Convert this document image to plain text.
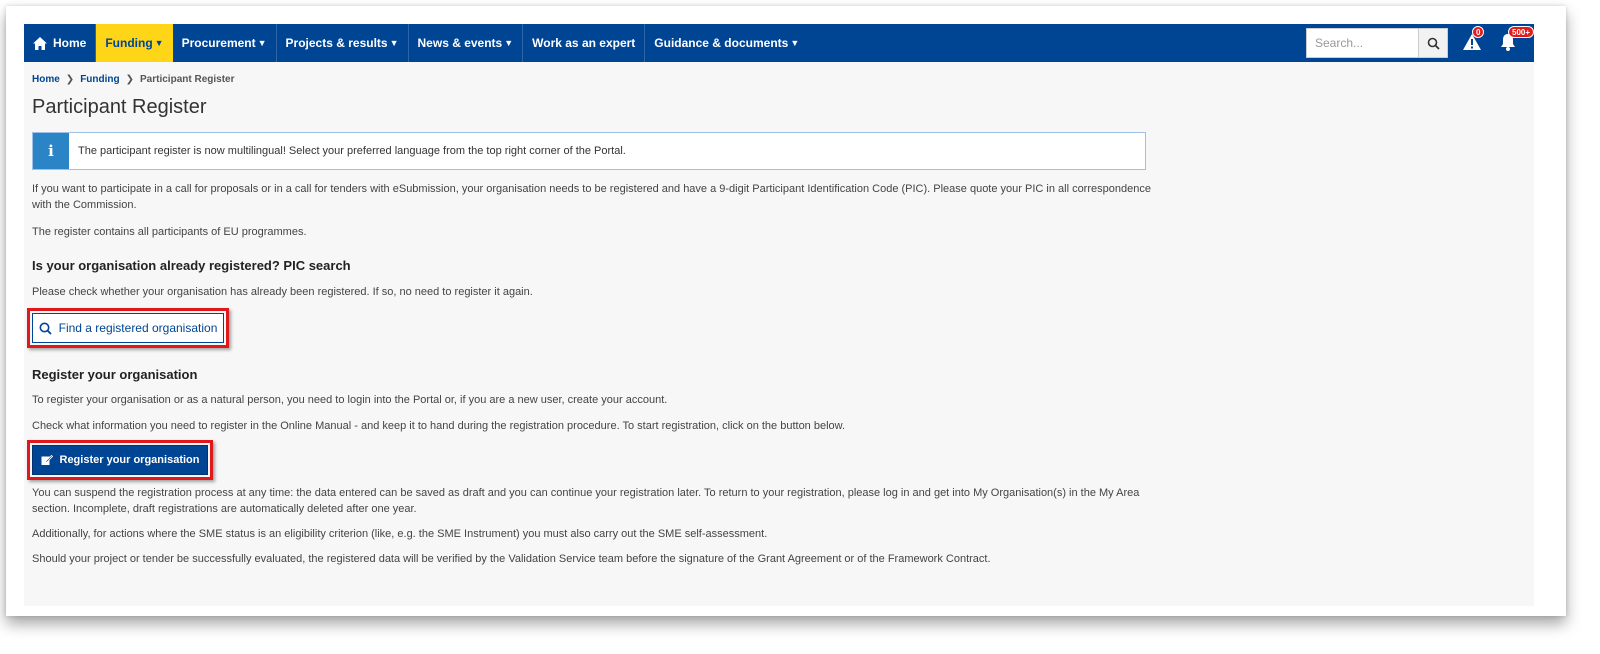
Home Funding ▼ Procurement ▼ Projects & results ▼ News & events ▼ Work as an expert Guidance & documents ▼
Search...
0	500+
Home ❯ Funding ❯ Participant Register
Participant Register
i	The participant register is now multilingual! Select your preferred language from the top right corner of the Portal.

If you want to participate in a call for proposals or in a call for tenders with eSubmission, your organisation needs to be registered and have a 9-digit Participant Identification Code (PIC). Please quote your PIC in all correspondence with the Commission.

The register contains all participants of EU programmes.

Is your organisation already registered? PIC search

Please check whether your organisation has already been registered. If so, no need to register it again.

Find a registered organisation
Register your organisation

To register your organisation or as a natural person, you need to login into the Portal or, if you are a new user, create your account.

Check what information you need to register in the Online Manual - and keep it to hand during the registration procedure. To start registration, click on the button below.

Register your organisation

You can suspend the registration process at any time: the data entered can be saved as draft and you can continue your registration later. To return to your registration, please log in and get into My Organisation(s) in the My Area section. Incomplete, draft registrations are automatically deleted after one year.

Additionally, for actions where the SME status is an eligibility criterion (like, e.g. the SME Instrument) you must also carry out the SME self-assessment.

Should your project or tender be successfully evaluated, the registered data will be verified by the Validation Service team before the signature of the Grant Agreement or of the Framework Contract.
